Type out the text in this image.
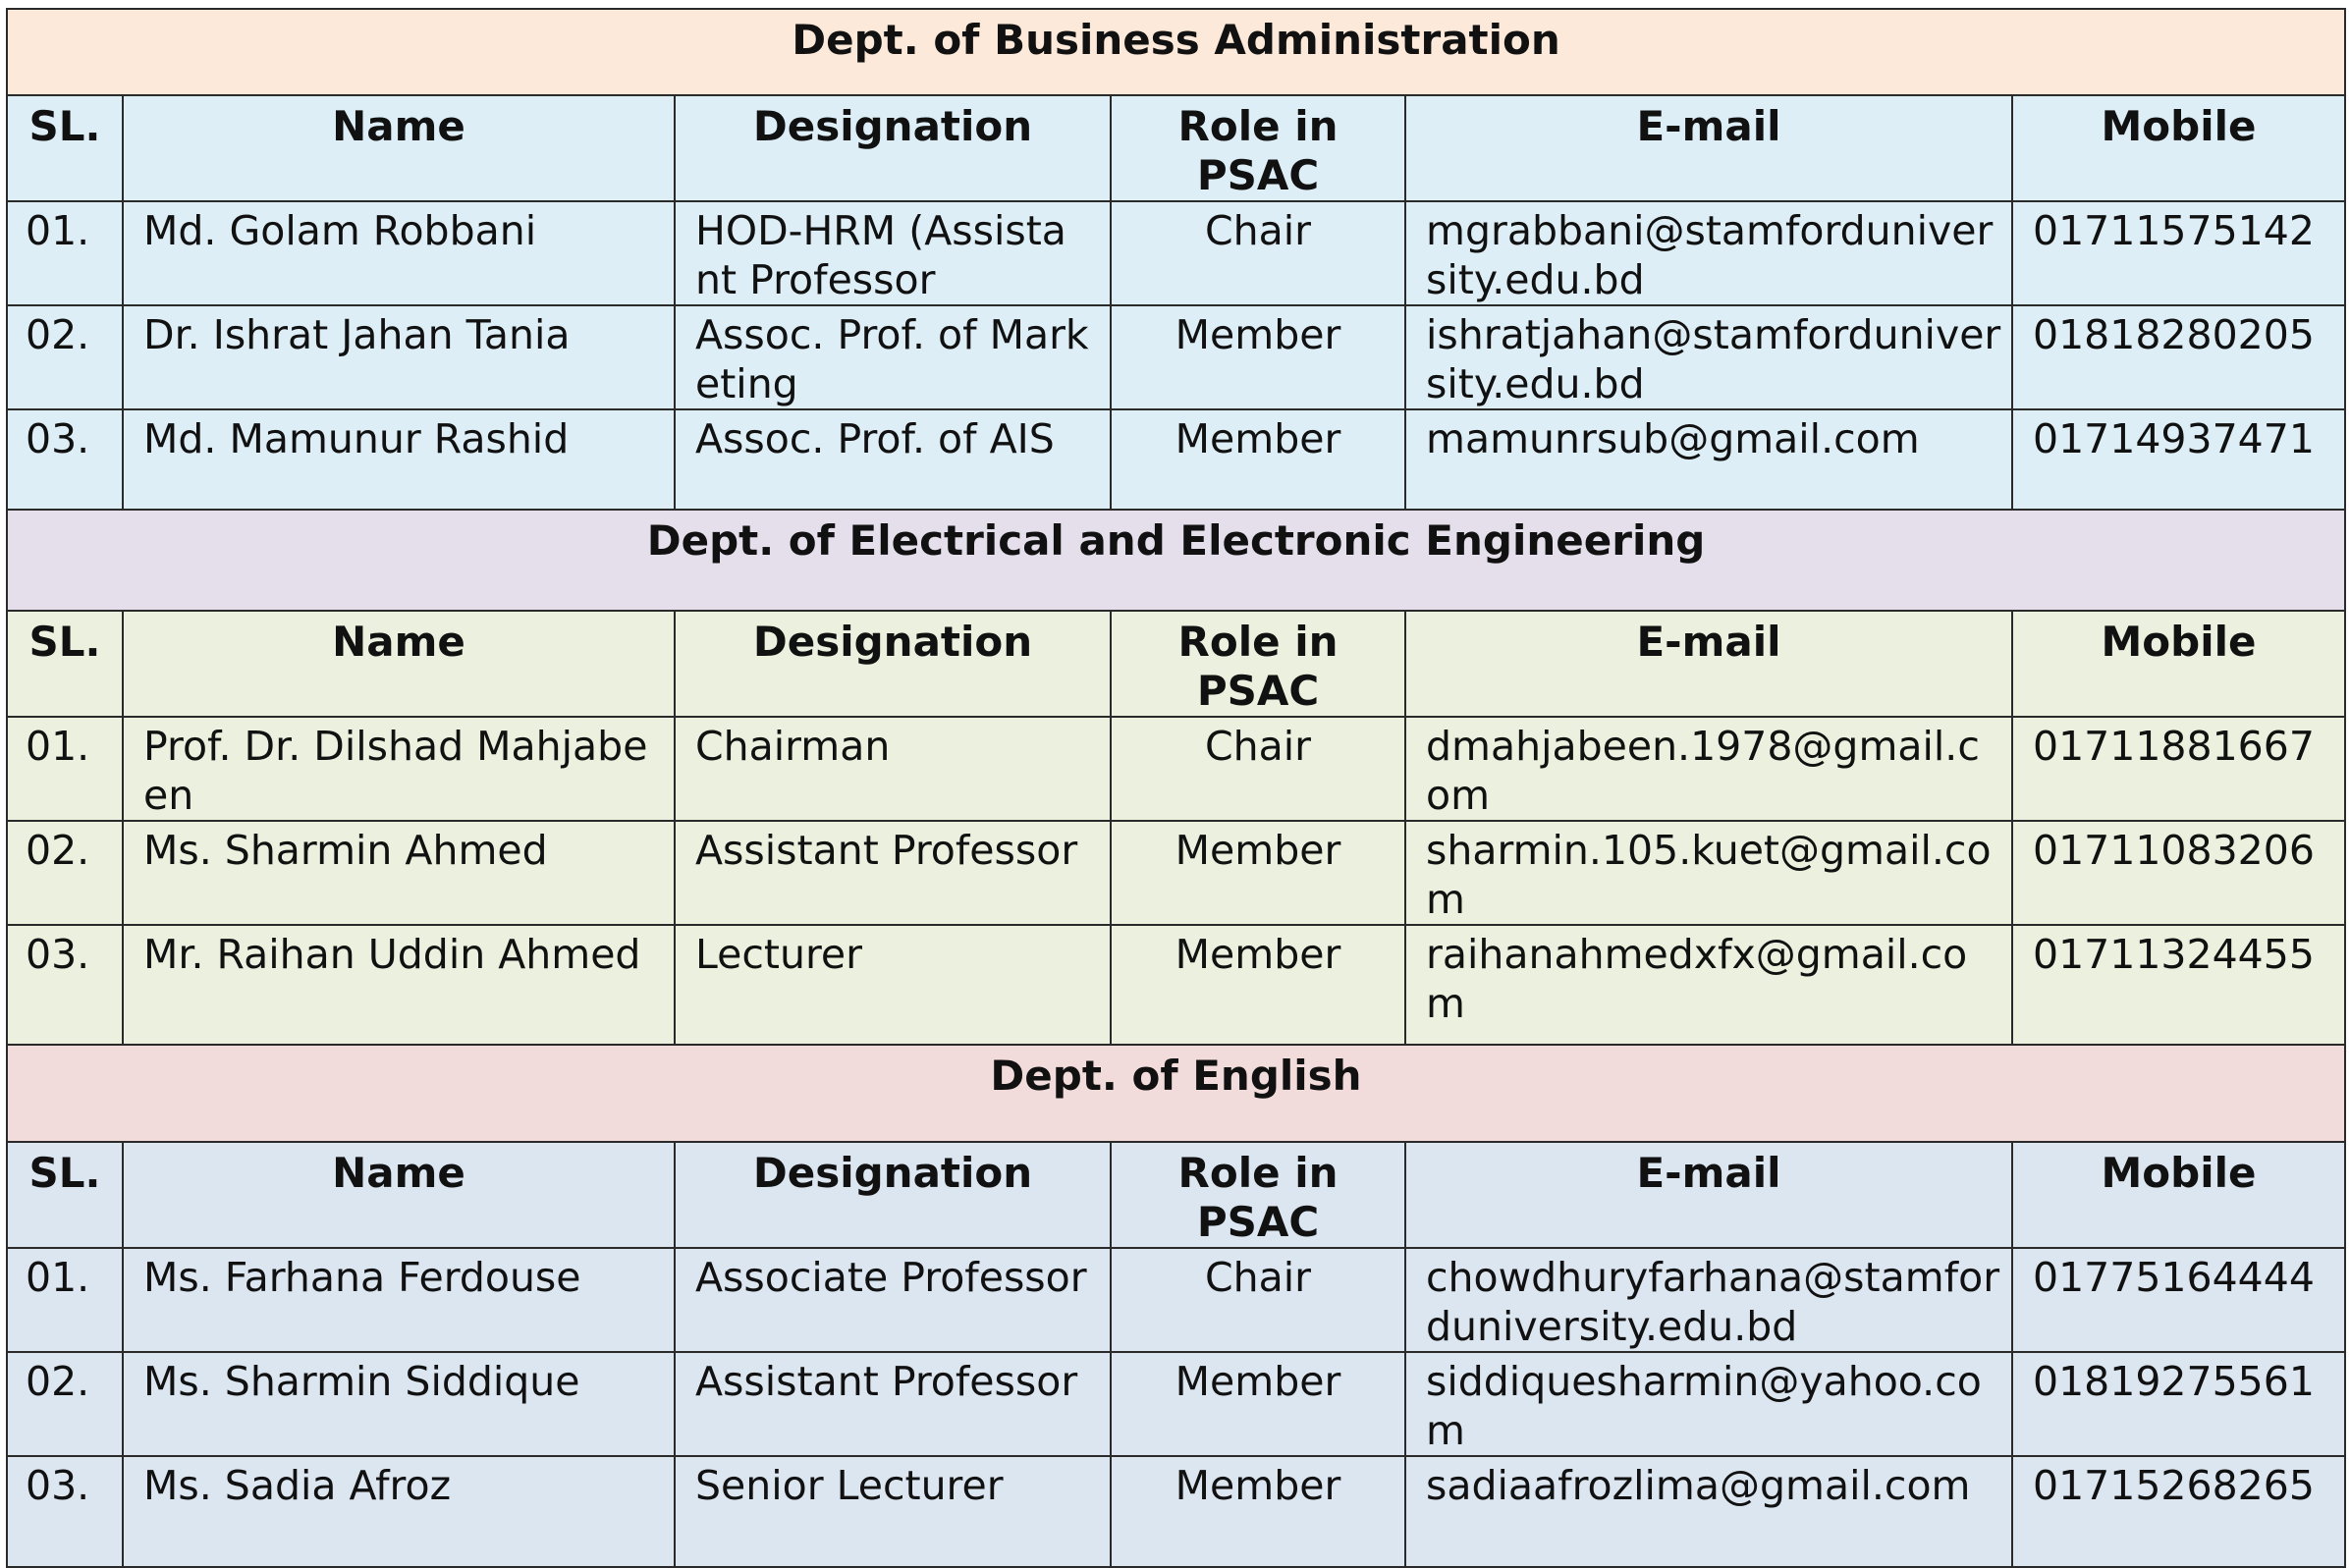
Dept. of Business Administration					
SL.	Name	Designation	Role in PSAC	E-mail	Mobile
01.	Md. Golam Robbani	HOD-HRM (Assistant Professor	Chair	mgrabbani@stamforduniversity.edu.bd	01711575142
02.	Dr. Ishrat Jahan Tania	Assoc. Prof. of Marketing	Member	ishratjahan@stamforduniversity.edu.bd	01818280205
03.	Md. Mamunur Rashid	Assoc. Prof. of AIS	Member	mamunrsub@gmail.com	01714937471
Dept. of Electrical and Electronic Engineering					
SL.	Name	Designation	Role in PSAC	E-mail	Mobile
01.	Prof. Dr. Dilshad Mahjabeen	Chairman	Chair	dmahjabeen.1978@gmail.com	01711881667
02.	Ms. Sharmin Ahmed	Assistant Professor	Member	sharmin.105.kuet@gmail.com	01711083206
03.	Mr. Raihan Uddin Ahmed	Lecturer	Member	raihanahmedxfx@gmail.com	01711324455
Dept. of English					
SL.	Name	Designation	Role in PSAC	E-mail	Mobile
01.	Ms. Farhana Ferdouse	Associate Professor	Chair	chowdhuryfarhana@stamforduniversity.edu.bd	01775164444
02.	Ms. Sharmin Siddique	Assistant Professor	Member	siddiquesharmin@yahoo.com	01819275561
03.	Ms. Sadia Afroz	Senior Lecturer	Member	sadiaafrozlima@gmail.com	01715268265
